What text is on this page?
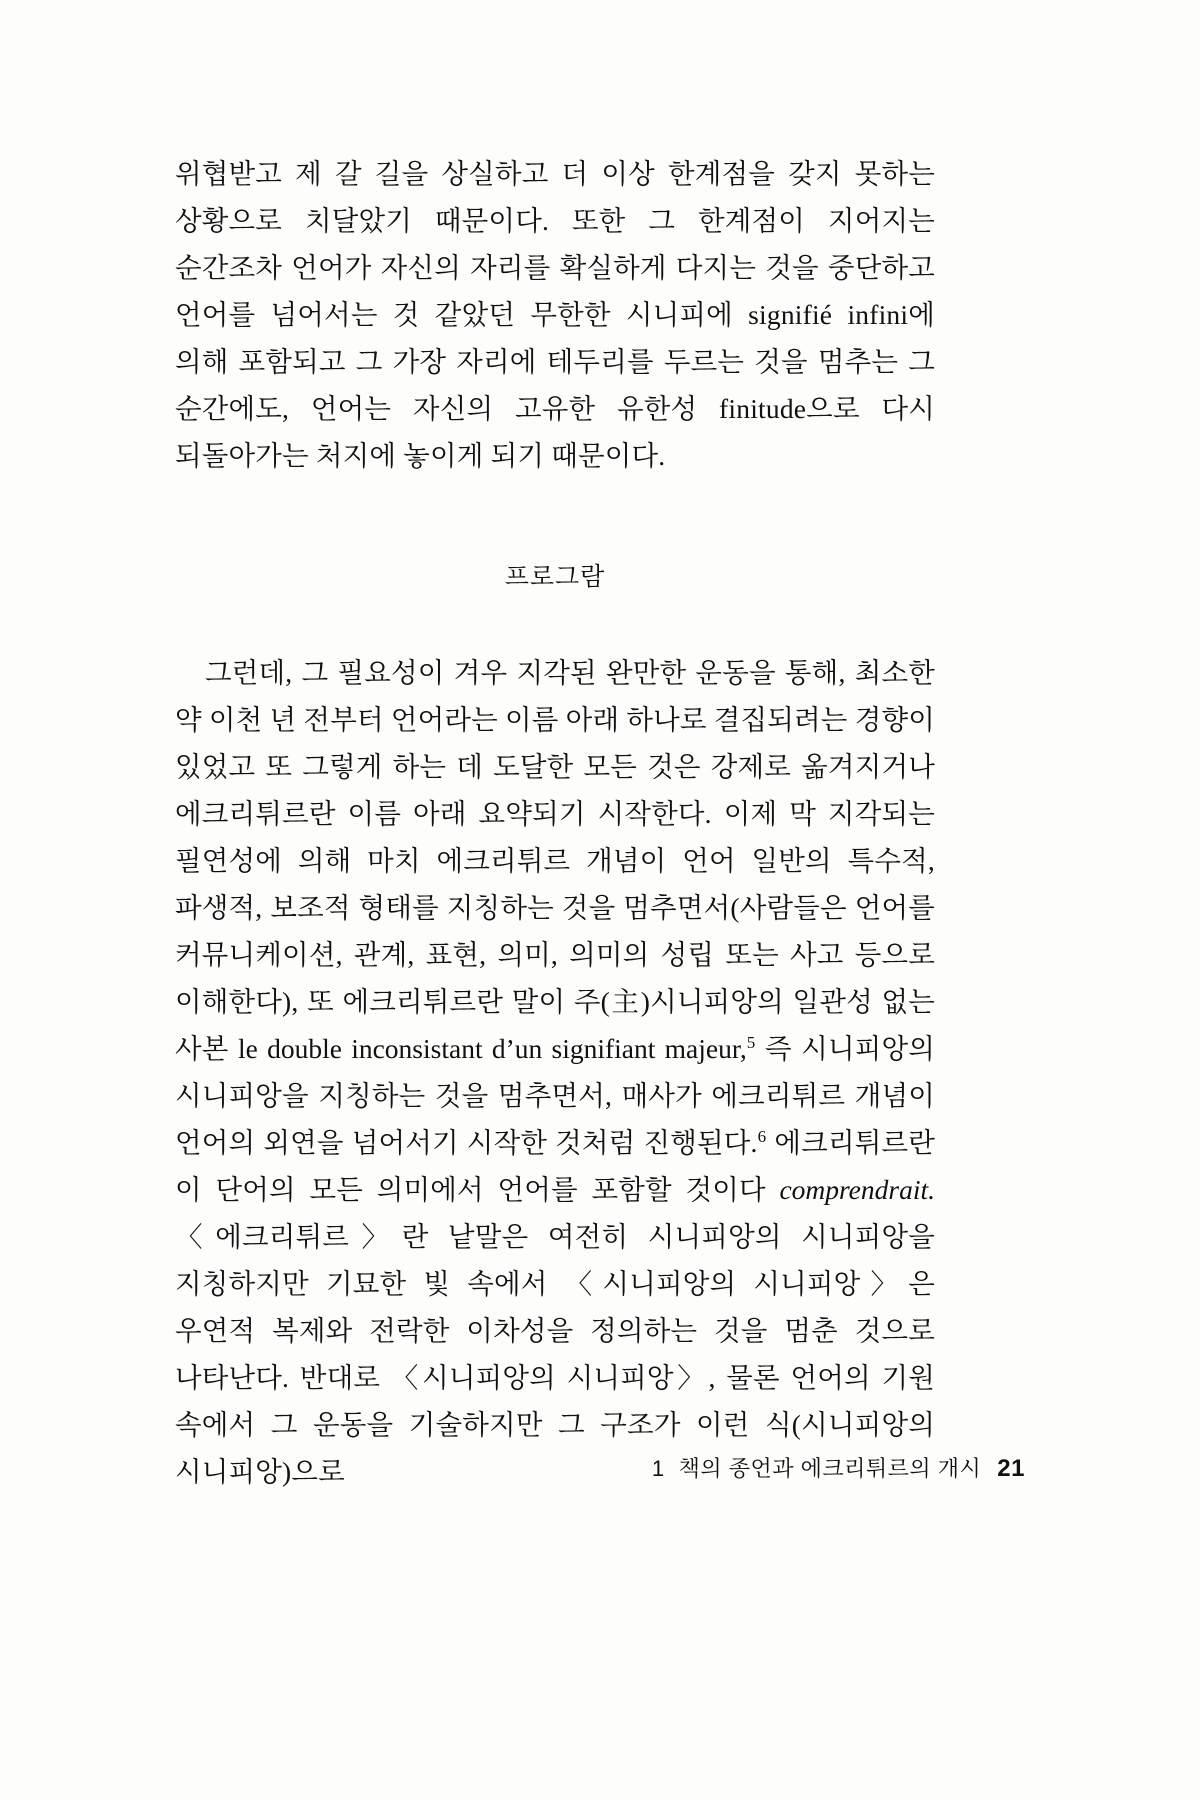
위협받고 제 갈 길을 상실하고 더 이상 한계점을 갖지 못하는 상황으로 치달았기 때문이다. 또한 그 한계점이 지어지는 순간조차 언어가 자신의 자리를 확실하게 다지는 것을 중단하고 언어를 넘어서는 것 같았던 무한한 시니피에 signifié infini에 의해 포함되고 그 가장 자리에 테두리를 두르는 것을 멈추는 그 순간에도, 언어는 자신의 고유한 유한성 finitude으로 다시 되돌아가는 처지에 놓이게 되기 때문이다.

프로그람

그런데, 그 필요성이 겨우 지각된 완만한 운동을 통해, 최소한 약 이천 년 전부터 언어라는 이름 아래 하나로 결집되려는 경향이 있었고 또 그렇게 하는 데 도달한 모든 것은 강제로 옮겨지거나 에크리튀르란 이름 아래 요약되기 시작한다. 이제 막 지각되는 필연성에 의해 마치 에크리튀르 개념이 언어 일반의 특수적, 파생적, 보조적 형태를 지칭하는 것을 멈추면서(사람들은 언어를 커뮤니케이션, 관계, 표현, 의미, 의미의 성립 또는 사고 등으로 이해한다), 또 에크리튀르란 말이 주(主)시니피앙의 일관성 없는 사본 le double inconsistant d’un signifiant majeur,$^5$ 즉 시니피앙의 시니피앙을 지칭하는 것을 멈추면서, 매사가 에크리튀르 개념이 언어의 외연을 넘어서기 시작한 것처럼 진행된다.$^6$ 에크리튀르란 이 단어의 모든 의미에서 언어를 포함할 것이다 comprendrait. 〈에크리튀르〉란 낱말은 여전히 시니피앙의 시니피앙을 지칭하지만 기묘한 빛 속에서 〈시니피앙의 시니피앙〉은 우연적 복제와 전락한 이차성을 정의하는 것을 멈춘 것으로 나타난다. 반대로 〈시니피앙의 시니피앙〉, 물론 언어의 기원 속에서 그 운동을 기술하지만 그 구조가 이런 식(시니피앙의 시니피앙)으로	1 책의 종언과 에크리튀르의 개시 21
